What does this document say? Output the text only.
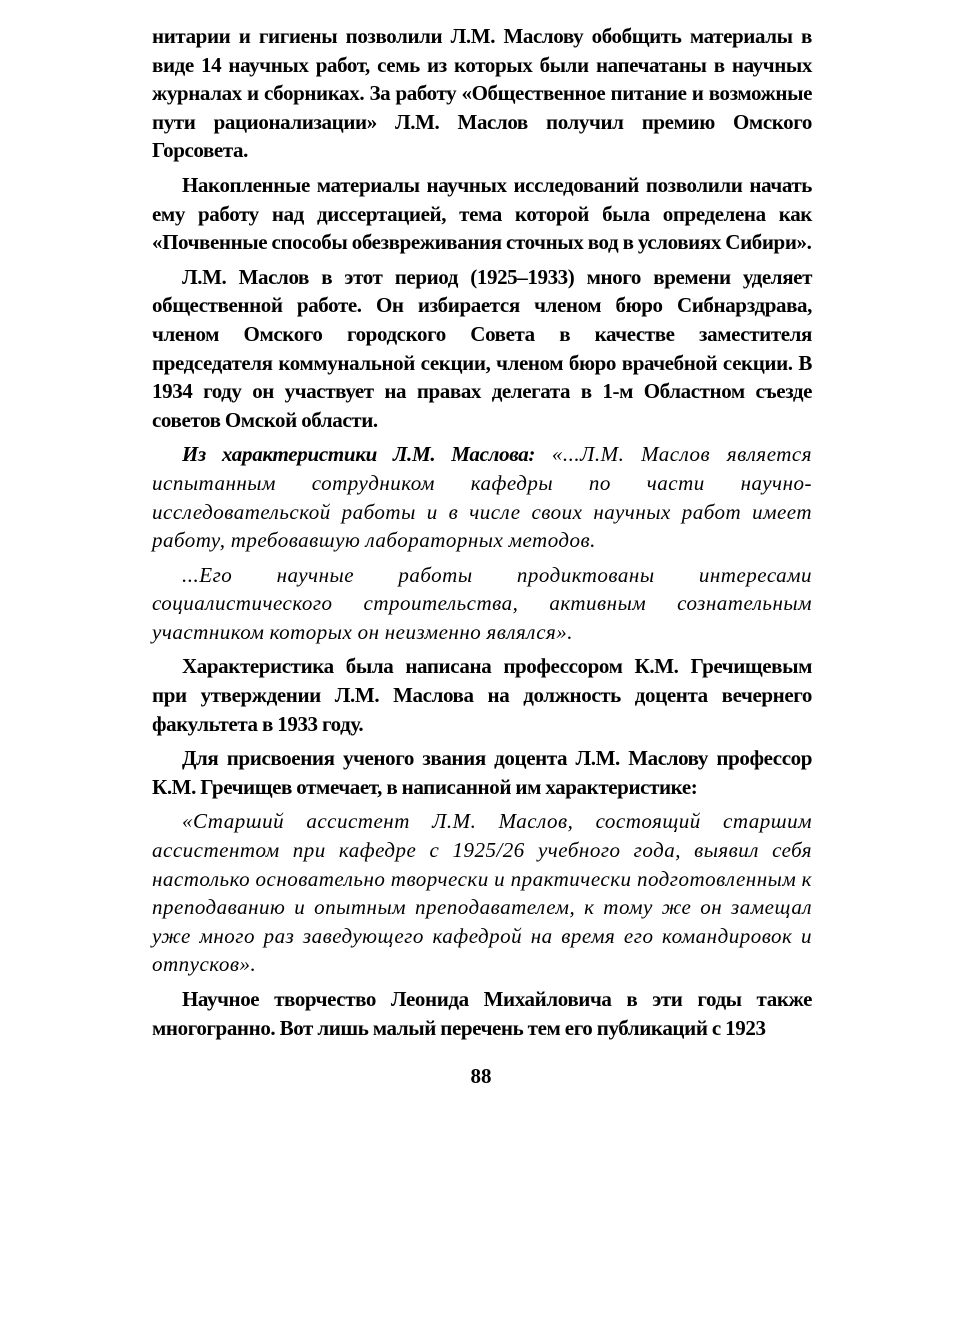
нитарии и гигиены позволили Л.М. Маслову обобщить материалы в виде 14 научных работ, семь из которых были напечатаны в научных журналах и сборниках. За работу «Общественное питание и возможные пути рационализации» Л.М. Маслов получил премию Омского Горсовета.

Накопленные материалы научных исследований позволили начать ему работу над диссертацией, тема которой была определена как «Почвенные способы обезвреживания сточных вод в условиях Сибири».

Л.М. Маслов в этот период (1925–1933) много времени уделяет общественной работе. Он избирается членом бюро Сибнарздрава, членом Омского городского Совета в качестве заместителя председателя коммунальной секции, членом бюро врачебной секции. В 1934 году он участвует на правах делегата в 1-м Областном съезде советов Омской области.

Из характеристики Л.М. Маслова: «...Л.М. Маслов является испытанным сотрудником кафедры по части научно-исследовательской работы и в числе своих научных работ имеет работу, требовавшую лабораторных методов.

...Его научные работы продиктованы интересами социалистического строительства, активным сознательным участником которых он неизменно являлся».

Характеристика была написана профессором К.М. Гречищевым при утверждении Л.М. Маслова на должность доцента вечернего факультета в 1933 году.

Для присвоения ученого звания доцента Л.М. Маслову профессор К.М. Гречищев отмечает, в написанной им характеристике:

«Старший ассистент Л.М. Маслов, состоящий старшим ассистентом при кафедре с 1925/26 учебного года, выявил себя настолько основательно творчески и практически подготовленным к преподаванию и опытным преподавателем, к тому же он замещал уже много раз заведующего кафедрой на время его командировок и отпусков».

Научное творчество Леонида Михайловича в эти годы также многогранно. Вот лишь малый перечень тем его публикаций с 1923

88
